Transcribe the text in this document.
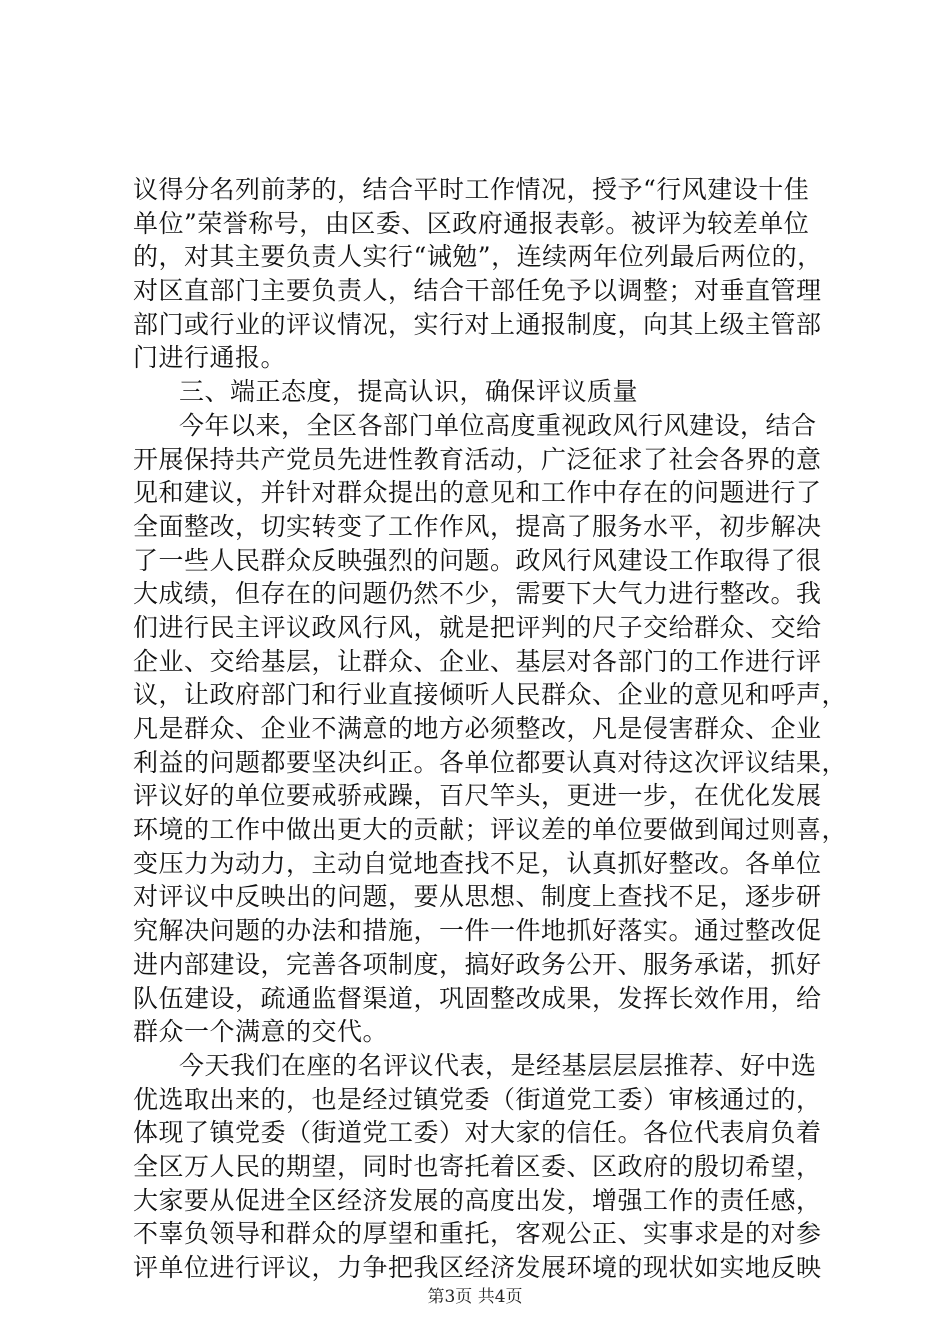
议得分名列前茅的，结合平时工作情况，授予“行风建设十佳
单位”荣誉称号，由区委、区政府通报表彰。被评为较差单位
的，对其主要负责人实行“诫勉”，连续两年位列最后两位的，
对区直部门主要负责人，结合干部任免予以调整；对垂直管理
部门或行业的评议情况，实行对上通报制度，向其上级主管部
门进行通报。
三、端正态度，提高认识，确保评议质量
今年以来，全区各部门单位高度重视政风行风建设，结合
开展保持共产党员先进性教育活动，广泛征求了社会各界的意
见和建议，并针对群众提出的意见和工作中存在的问题进行了
全面整改，切实转变了工作作风，提高了服务水平，初步解决
了一些人民群众反映强烈的问题。政风行风建设工作取得了很
大成绩，但存在的问题仍然不少，需要下大气力进行整改。我
们进行民主评议政风行风，就是把评判的尺子交给群众、交给
企业、交给基层，让群众、企业、基层对各部门的工作进行评
议，让政府部门和行业直接倾听人民群众、企业的意见和呼声，
凡是群众、企业不满意的地方必须整改，凡是侵害群众、企业
利益的问题都要坚决纠正。各单位都要认真对待这次评议结果，
评议好的单位要戒骄戒躁，百尺竿头，更进一步，在优化发展
环境的工作中做出更大的贡献；评议差的单位要做到闻过则喜，
变压力为动力，主动自觉地查找不足，认真抓好整改。各单位
对评议中反映出的问题，要从思想、制度上查找不足，逐步研
究解决问题的办法和措施，一件一件地抓好落实。通过整改促
进内部建设，完善各项制度，搞好政务公开、服务承诺，抓好
队伍建设，疏通监督渠道，巩固整改成果，发挥长效作用，给
群众一个满意的交代。
今天我们在座的名评议代表，是经基层层层推荐、好中选
优选取出来的，也是经过镇党委（街道党工委）审核通过的，
体现了镇党委（街道党工委）对大家的信任。各位代表肩负着
全区万人民的期望，同时也寄托着区委、区政府的殷切希望，
大家要从促进全区经济发展的高度出发，增强工作的责任感，
不辜负领导和群众的厚望和重托，客观公正、实事求是的对参
评单位进行评议，力争把我区经济发展环境的现状如实地反映
第3页 共4页
